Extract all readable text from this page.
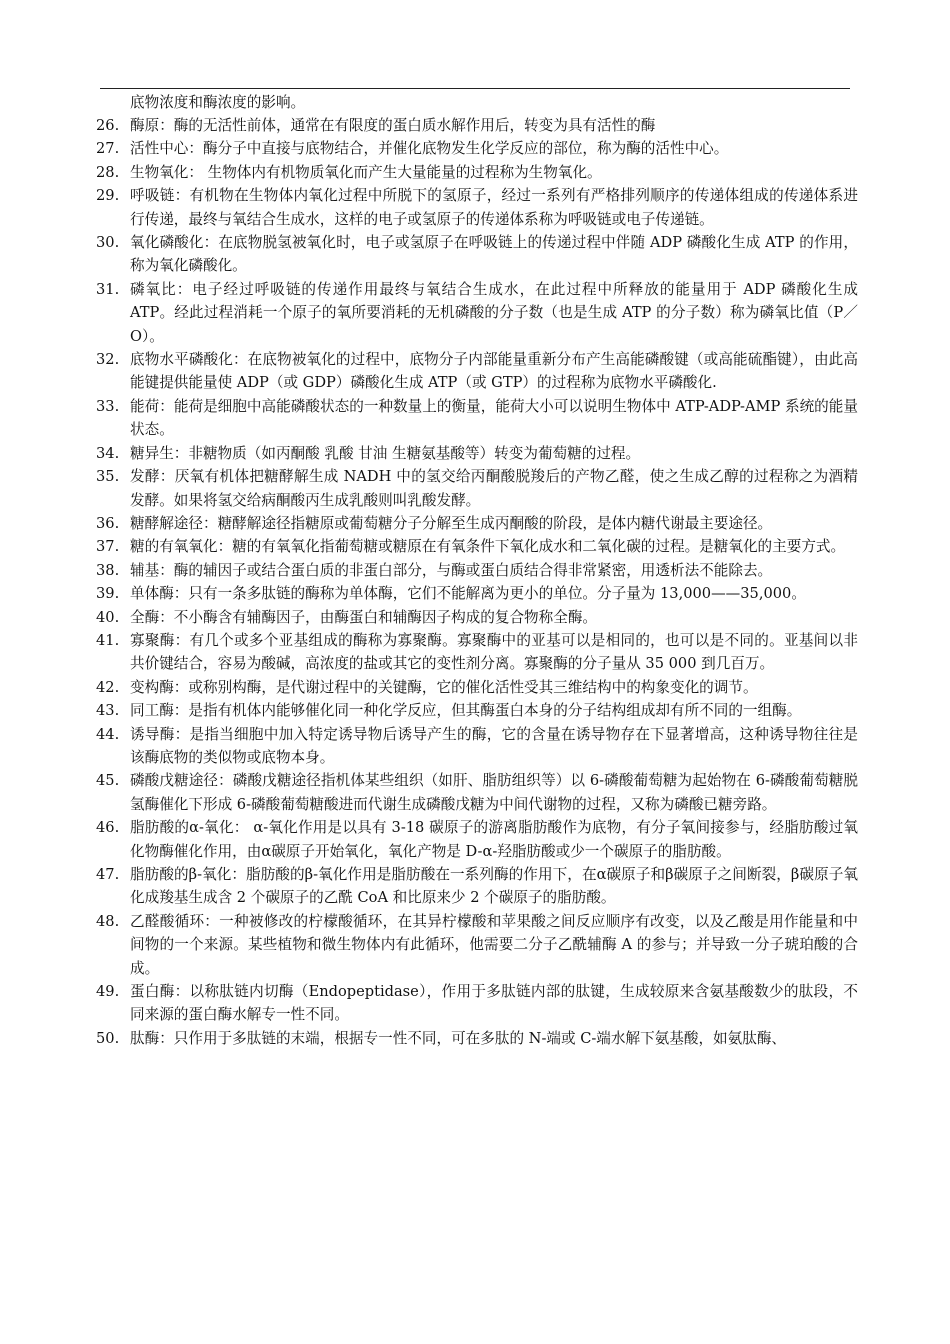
底物浓度和酶浓度的影响。
26. 酶原：酶的无活性前体，通常在有限度的蛋白质水解作用后，转变为具有活性的酶
27. 活性中心：酶分子中直接与底物结合，并催化底物发生化学反应的部位，称为酶的活性中心。
28. 生物氧化： 生物体内有机物质氧化而产生大量能量的过程称为生物氧化。
29. 呼吸链：有机物在生物体内氧化过程中所脱下的氢原子，经过一系列有严格排列顺序的传递体组成的传递体系进行传递，最终与氧结合生成水，这样的电子或氢原子的传递体系称为呼吸链或电子传递链。
30. 氧化磷酸化：在底物脱氢被氧化时，电子或氢原子在呼吸链上的传递过程中伴随 ADP 磷酸化生成 ATP 的作用，称为氧化磷酸化。
31. 磷氧比：电子经过呼吸链的传递作用最终与氧结合生成水，在此过程中所释放的能量用于 ADP 磷酸化生成 ATP。经此过程消耗一个原子的氧所要消耗的无机磷酸的分子数（也是生成 ATP 的分子数）称为磷氧比值（P／O）。
32. 底物水平磷酸化：在底物被氧化的过程中，底物分子内部能量重新分布产生高能磷酸键（或高能硫酯键），由此高能键提供能量使 ADP（或 GDP）磷酸化生成 ATP（或 GTP）的过程称为底物水平磷酸化.
33. 能荷：能荷是细胞中高能磷酸状态的一种数量上的衡量，能荷大小可以说明生物体中 ATP-ADP-AMP 系统的能量状态。
34. 糖异生：非糖物质（如丙酮酸 乳酸 甘油 生糖氨基酸等）转变为葡萄糖的过程。
35. 发酵：厌氧有机体把糖酵解生成 NADH 中的氢交给丙酮酸脱羧后的产物乙醛，使之生成乙醇的过程称之为酒精发酵。如果将氢交给病酮酸丙生成乳酸则叫乳酸发酵。
36. 糖酵解途径：糖酵解途径指糖原或葡萄糖分子分解至生成丙酮酸的阶段，是体内糖代谢最主要途径。
37. 糖的有氧氧化：糖的有氧氧化指葡萄糖或糖原在有氧条件下氧化成水和二氧化碳的过程。是糖氧化的主要方式。
38. 辅基：酶的辅因子或结合蛋白质的非蛋白部分，与酶或蛋白质结合得非常紧密，用透析法不能除去。
39. 单体酶：只有一条多肽链的酶称为单体酶，它们不能解离为更小的单位。分子量为 13,000——35,000。
40. 全酶：不小酶含有辅酶因子，由酶蛋白和辅酶因子构成的复合物称全酶。
41. 寡聚酶：有几个或多个亚基组成的酶称为寡聚酶。寡聚酶中的亚基可以是相同的，也可以是不同的。亚基间以非共价键结合，容易为酸碱，高浓度的盐或其它的变性剂分离。寡聚酶的分子量从 35 000 到几百万。
42. 变构酶：或称别构酶，是代谢过程中的关键酶，它的催化活性受其三维结构中的构象变化的调节。
43. 同工酶：是指有机体内能够催化同一种化学反应，但其酶蛋白本身的分子结构组成却有所不同的一组酶。
44. 诱导酶：是指当细胞中加入特定诱导物后诱导产生的酶，它的含量在诱导物存在下显著增高，这种诱导物往往是该酶底物的类似物或底物本身。
45. 磷酸戊糖途径：磷酸戊糖途径指机体某些组织（如肝、脂肪组织等）以 6-磷酸葡萄糖为起始物在 6-磷酸葡萄糖脱氢酶催化下形成 6-磷酸葡萄糖酸进而代谢生成磷酸戊糖为中间代谢物的过程，又称为磷酸已糖旁路。
46. 脂肪酸的α-氧化： α-氧化作用是以具有 3-18 碳原子的游离脂肪酸作为底物，有分子氧间接参与，经脂肪酸过氧化物酶催化作用，由α碳原子开始氧化，氧化产物是 D-α-羟脂肪酸或少一个碳原子的脂肪酸。
47. 脂肪酸的β-氧化：脂肪酸的β-氧化作用是脂肪酸在一系列酶的作用下，在α碳原子和β碳原子之间断裂，β碳原子氧化成羧基生成含 2 个碳原子的乙酰 CoA 和比原来少 2 个碳原子的脂肪酸。
48. 乙醛酸循环：一种被修改的柠檬酸循环，在其异柠檬酸和苹果酸之间反应顺序有改变，以及乙酸是用作能量和中间物的一个来源。某些植物和微生物体内有此循环，他需要二分子乙酰辅酶 A 的参与；并导致一分子琥珀酸的合成。
49. 蛋白酶：以称肽链内切酶（Endopeptidase），作用于多肽链内部的肽键，生成较原来含氨基酸数少的肽段，不同来源的蛋白酶水解专一性不同。
50. 肽酶：只作用于多肽链的末端，根据专一性不同，可在多肽的 N-端或 C-端水解下氨基酸，如氨肽酶、
